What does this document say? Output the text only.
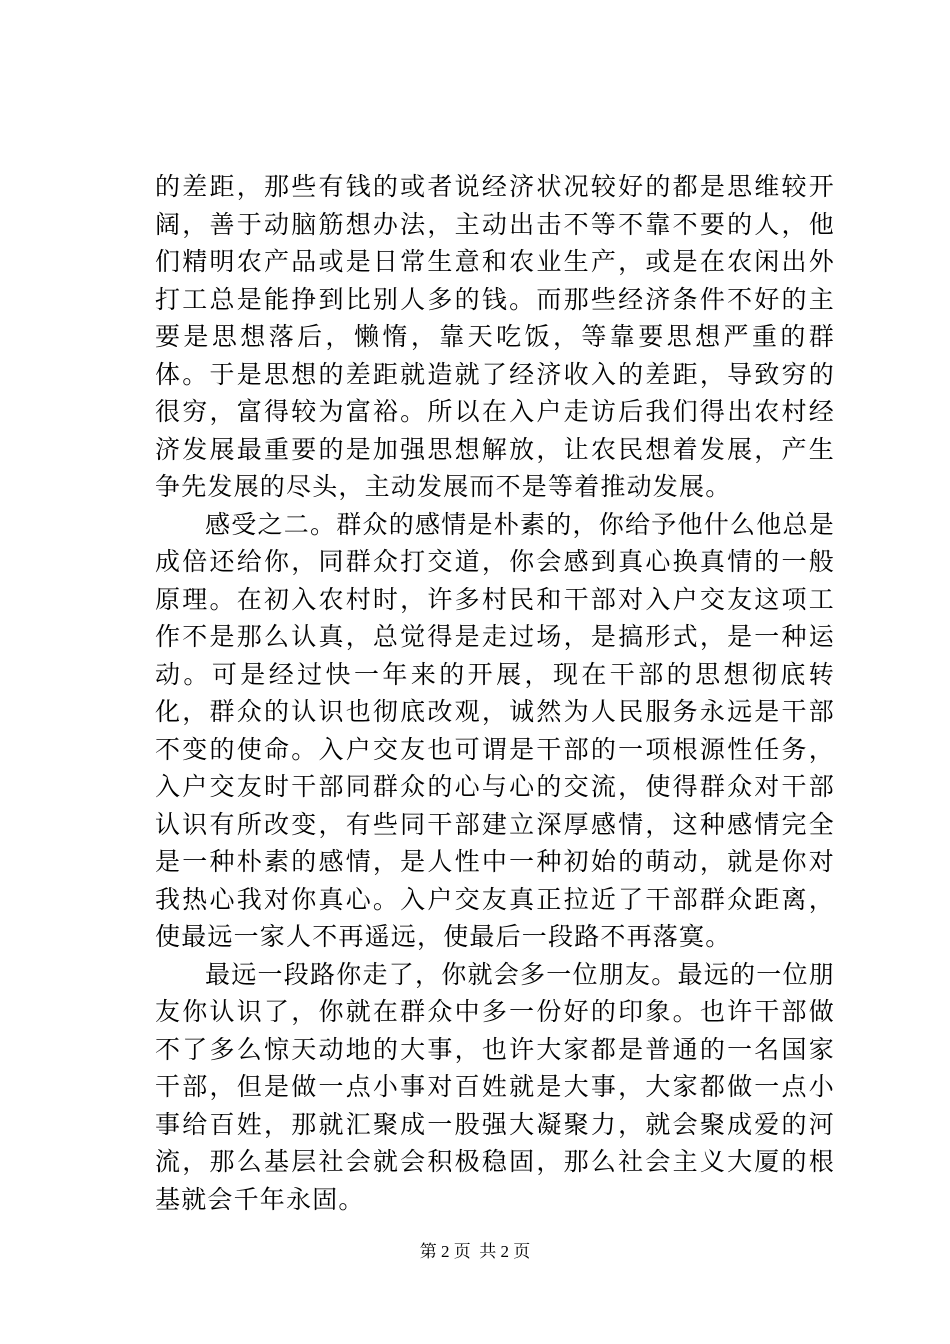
的差距，那些有钱的或者说经济状况较好的都是思维较开阔，善于动脑筋想办法，主动出击不等不靠不要的人，他们精明农产品或是日常生意和农业生产，或是在农闲出外打工总是能挣到比别人多的钱。而那些经济条件不好的主要是思想落后，懒惰，靠天吃饭，等靠要思想严重的群体。于是思想的差距就造就了经济收入的差距，导致穷的很穷，富得较为富裕。所以在入户走访后我们得出农村经济发展最重要的是加强思想解放，让农民想着发展，产生争先发展的尽头，主动发展而不是等着推动发展。

感受之二。群众的感情是朴素的，你给予他什么他总是成倍还给你，同群众打交道，你会感到真心换真情的一般原理。在初入农村时，许多村民和干部对入户交友这项工作不是那么认真，总觉得是走过场，是搞形式，是一种运动。可是经过快一年来的开展，现在干部的思想彻底转化，群众的认识也彻底改观，诚然为人民服务永远是干部不变的使命。入户交友也可谓是干部的一项根源性任务，入户交友时干部同群众的心与心的交流，使得群众对干部认识有所改变，有些同干部建立深厚感情，这种感情完全是一种朴素的感情，是人性中一种初始的萌动，就是你对我热心我对你真心。入户交友真正拉近了干部群众距离，使最远一家人不再遥远，使最后一段路不再落寞。

最远一段路你走了，你就会多一位朋友。最远的一位朋友你认识了，你就在群众中多一份好的印象。也许干部做不了多么惊天动地的大事，也许大家都是普通的一名国家干部，但是做一点小事对百姓就是大事，大家都做一点小事给百姓，那就汇聚成一股强大凝聚力，就会聚成爱的河流，那么基层社会就会积极稳固，那么社会主义大厦的根基就会千年永固。

第 2 页  共 2 页
